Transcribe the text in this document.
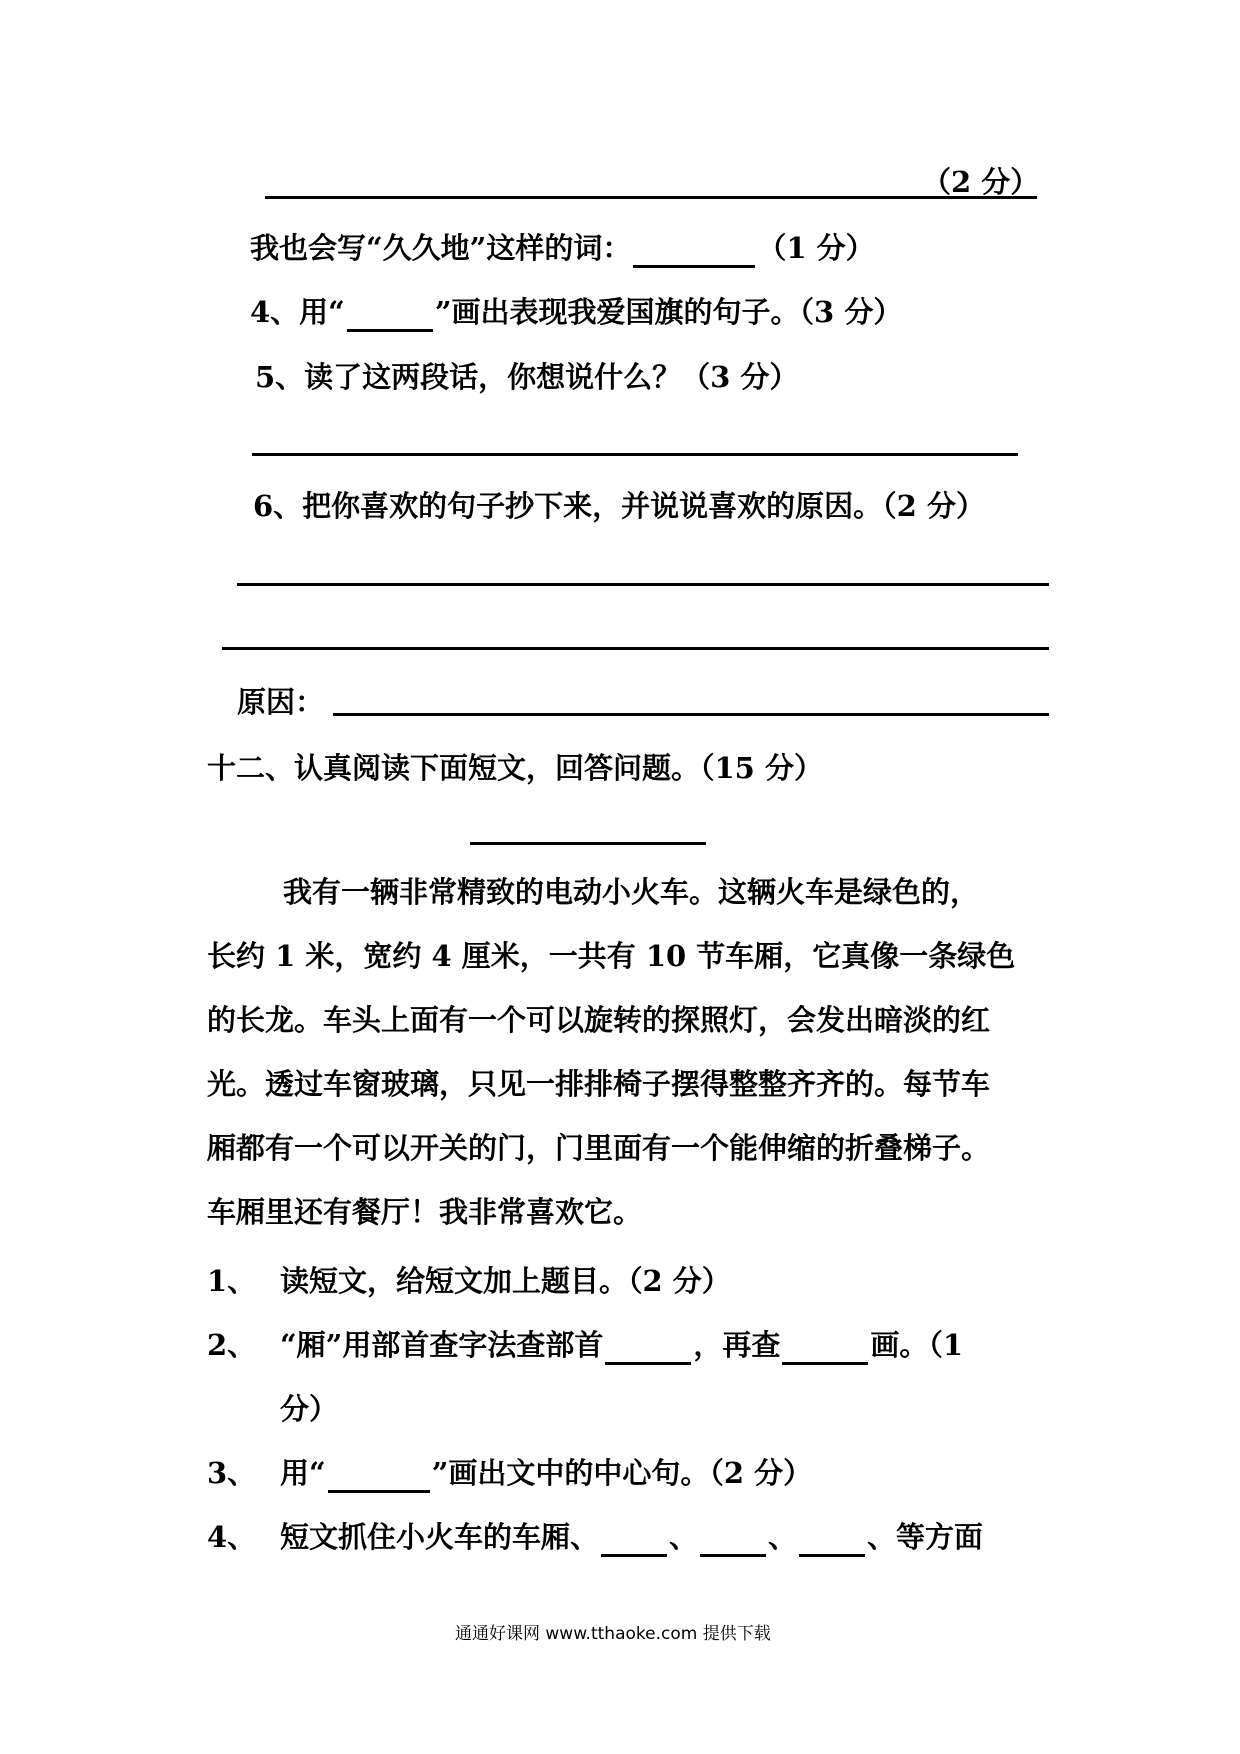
（2 分）
我也会写“久久地”这样的词：	（1 分）
4、用“	”画出表现我爱国旗的句子。（3 分）
5、读了这两段话，你想说什么？（3 分）
6、把你喜欢的句子抄下来，并说说喜欢的原因。（2 分）
原因：
十二、认真阅读下面短文，回答问题。（15 分）
我有一辆非常精致的电动小火车。这辆火车是绿色的，
长约 1 米，宽约 4 厘米，一共有 10 节车厢，它真像一条绿色
的长龙。车头上面有一个可以旋转的探照灯，会发出暗淡的红
光。透过车窗玻璃，只见一排排椅子摆得整整齐齐的。每节车
厢都有一个可以开关的门，门里面有一个能伸缩的折叠梯子。
车厢里还有餐厅！我非常喜欢它。
1、 读短文，给短文加上题目。（2 分）
2、 “厢”用部首查字法查部首	，再查	画。（1
分）
3、 用“	”画出文中的中心句。（2 分）
4、 短文抓住小火车的车厢、 、 、 、等方面
通通好课网 www.tthaoke.com 提供下载
